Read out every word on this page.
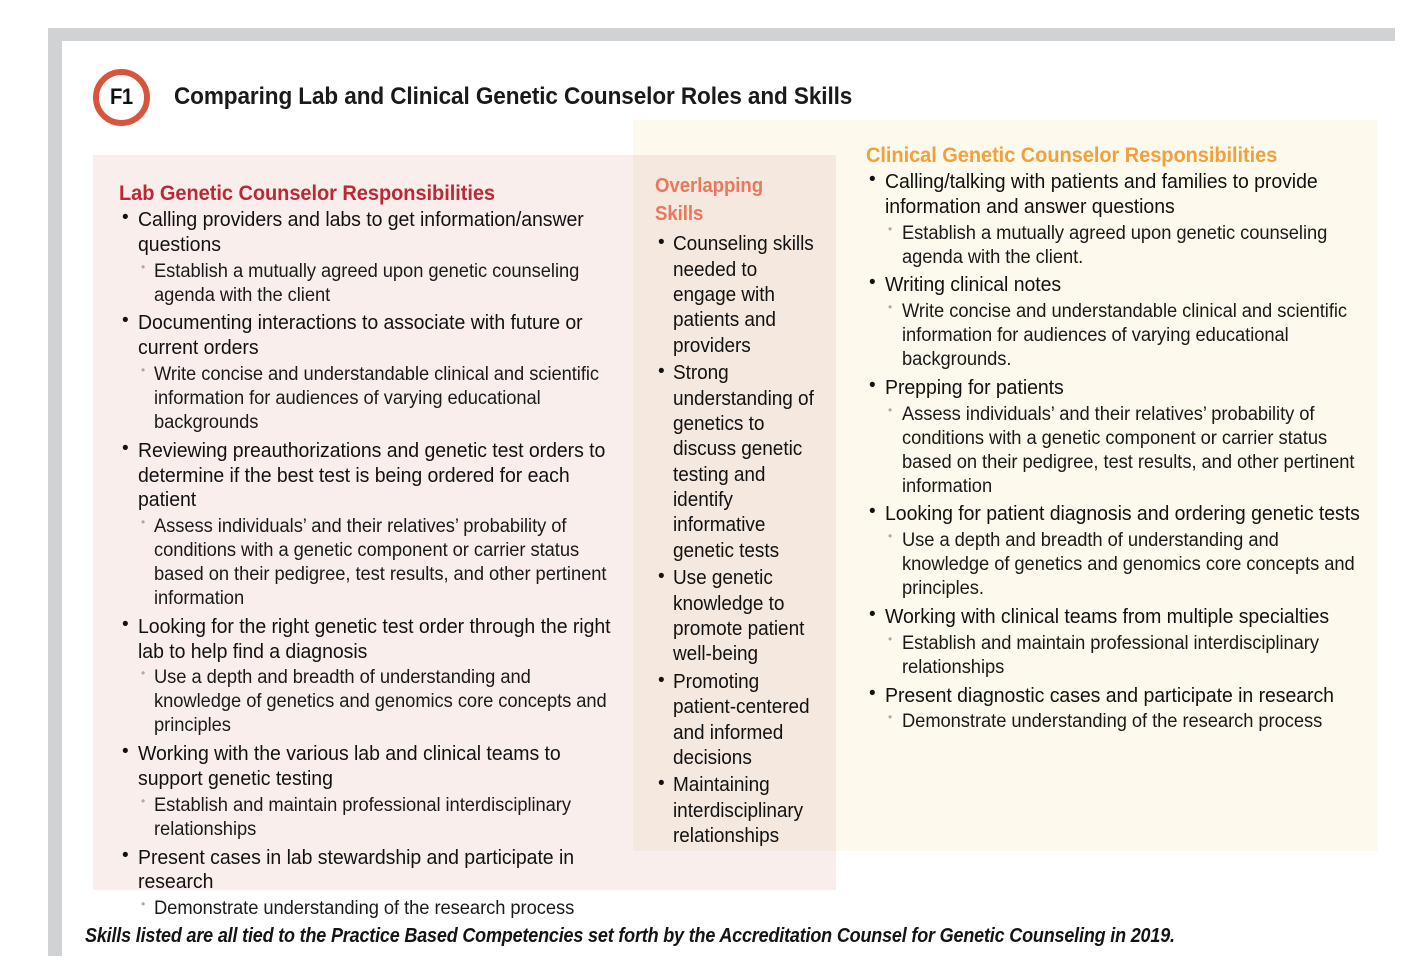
F1 Comparing Lab and Clinical Genetic Counselor Roles and Skills
Lab Genetic Counselor Responsibilities
• Calling providers and labs to get information/answer questions
• Establish a mutually agreed upon genetic counseling agenda with the client
• Documenting interactions to associate with future or current orders
• Write concise and understandable clinical and scientific information for audiences of varying educational backgrounds
• Reviewing preauthorizations and genetic test orders to determine if the best test is being ordered for each patient
• Assess individuals’ and their relatives’ probability of conditions with a genetic component or carrier status based on their pedigree, test results, and other pertinent information
• Looking for the right genetic test order through the right lab to help find a diagnosis
• Use a depth and breadth of understanding and knowledge of genetics and genomics core concepts and principles
• Working with the various lab and clinical teams to support genetic testing
• Establish and maintain professional interdisciplinary relationships
• Present cases in lab stewardship and participate in research
• Demonstrate understanding of the research process
Overlapping
Skills
• Counseling skills needed to engage with patients and providers
• Strong understanding of genetics to discuss genetic testing and identify informative genetic tests
• Use genetic knowledge to promote patient well-being
• Promoting patient-centered and informed decisions
• Maintaining interdisciplinary relationships
Clinical Genetic Counselor Responsibilities
• Calling/talking with patients and families to provide information and answer questions
• Establish a mutually agreed upon genetic counseling agenda with the client.
• Writing clinical notes
• Write concise and understandable clinical and scientific information for audiences of varying educational backgrounds.
• Prepping for patients
• Assess individuals’ and their relatives’ probability of conditions with a genetic component or carrier status based on their pedigree, test results, and other pertinent information
• Looking for patient diagnosis and ordering genetic tests
• Use a depth and breadth of understanding and knowledge of genetics and genomics core concepts and principles.
• Working with clinical teams from multiple specialties
• Establish and maintain professional interdisciplinary relationships
• Present diagnostic cases and participate in research
• Demonstrate understanding of the research process
Skills listed are all tied to the Practice Based Competencies set forth by the Accreditation Counsel for Genetic Counseling in 2019.
